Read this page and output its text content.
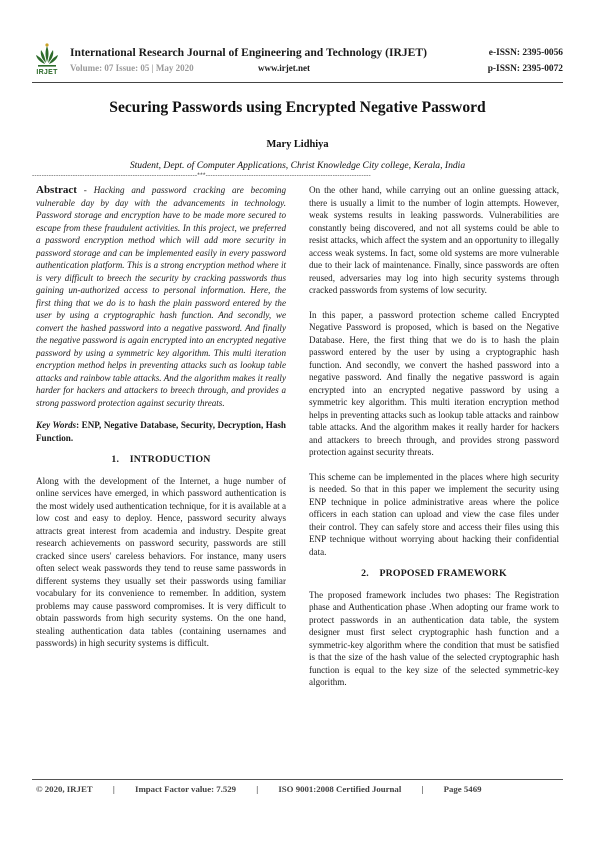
IRJET
International Research Journal of Engineering and Technology (IRJET)
Volume: 07 Issue: 05 | May 2020	www.irjet.net
e-ISSN: 2395-0056
p-ISSN: 2395-0072
Securing Passwords using Encrypted Negative Password
Mary Lidhiya
Student, Dept. of Computer Applications, Christ Knowledge City college, Kerala, India
---------------------------------------------------------------------***---------------------------------------------------------------------

Abstract - Hacking and password cracking are becoming vulnerable day by day with the advancements in technology. Password storage and encryption have to be made more secured to escape from these fraudulent activities. In this project, we preferred a password encryption method which will add more security in password storage and can be implemented easily in every password authentication platform. This is a strong encryption method where it is very difficult to breech the security by cracking passwords thus gaining un-authorized access to personal information. Here, the first thing that we do is to hash the plain password entered by the user by using a cryptographic hash function. And secondly, we convert the hashed password into a negative password. And finally the negative password is again encrypted into an encrypted negative password by using a symmetric key algorithm. This multi iteration encryption method helps in preventing attacks such as lookup table attacks and rainbow table attacks. And the algorithm makes it really harder for hackers and attackers to breech through, and provides a strong password protection against security threats.

Key Words: ENP, Negative Database, Security, Decryption, Hash Function.

1.    INTRODUCTION

Along with the development of the Internet, a huge number of online services have emerged, in which password authentication is the most widely used authentication technique, for it is available at a low cost and easy to deploy. Hence, password security always attracts great interest from academia and industry. Despite great research achievements on password security, passwords are still cracked since users' careless behaviors. For instance, many users often select weak passwords they tend to reuse same passwords in different systems they usually set their passwords using familiar vocabulary for its convenience to remember. In addition, system problems may cause password compromises. It is very difficult to obtain passwords from high security systems. On the one hand, stealing authentication data tables (containing usernames and passwords) in high security systems is difficult.

On the other hand, while carrying out an online guessing attack, there is usually a limit to the number of login attempts. However, weak systems results in leaking passwords. Vulnerabilities are constantly being discovered, and not all systems could be able to resist attacks, which affect the system and an opportunity to illegally access weak systems. In fact, some old systems are more vulnerable due to their lack of maintenance. Finally, since passwords are often reused, adversaries may log into high security systems through cracked passwords from systems of low security.

In this paper, a password protection scheme called Encrypted Negative Password is proposed, which is based on the Negative Database. Here, the first thing that we do is to hash the plain password entered by the user by using a cryptographic hash function. And secondly, we convert the hashed password into a negative password. And finally the negative password is again encrypted into an encrypted negative password by using a symmetric key algorithm. This multi iteration encryption method helps in preventing attacks such as lookup table attacks and rainbow table attacks. And the algorithm makes it really harder for hackers and attackers to breech through, and provides strong password protection against security threats.

This scheme can be implemented in the places where high security is needed. So that in this paper we implement the security using ENP technique in police administrative areas where the police officers in each station can upload and view the case files under their control. They can safely store and access their files using this ENP technique without worrying about hacking their confidential data.

2.    PROPOSED FRAMEWORK

The proposed framework includes two phases: The Registration phase and Authentication phase .When adopting our frame work to protect passwords in an authentication data table, the system designer must first select cryptographic hash function and a symmetric-key algorithm where the condition that must be satisfied is that the size of the hash value of the selected cryptographic hash function is equal to the key size of the selected symmetric-key algorithm.

© 2020, IRJET | Impact Factor value: 7.529 | ISO 9001:2008 Certified Journal | Page 5469
